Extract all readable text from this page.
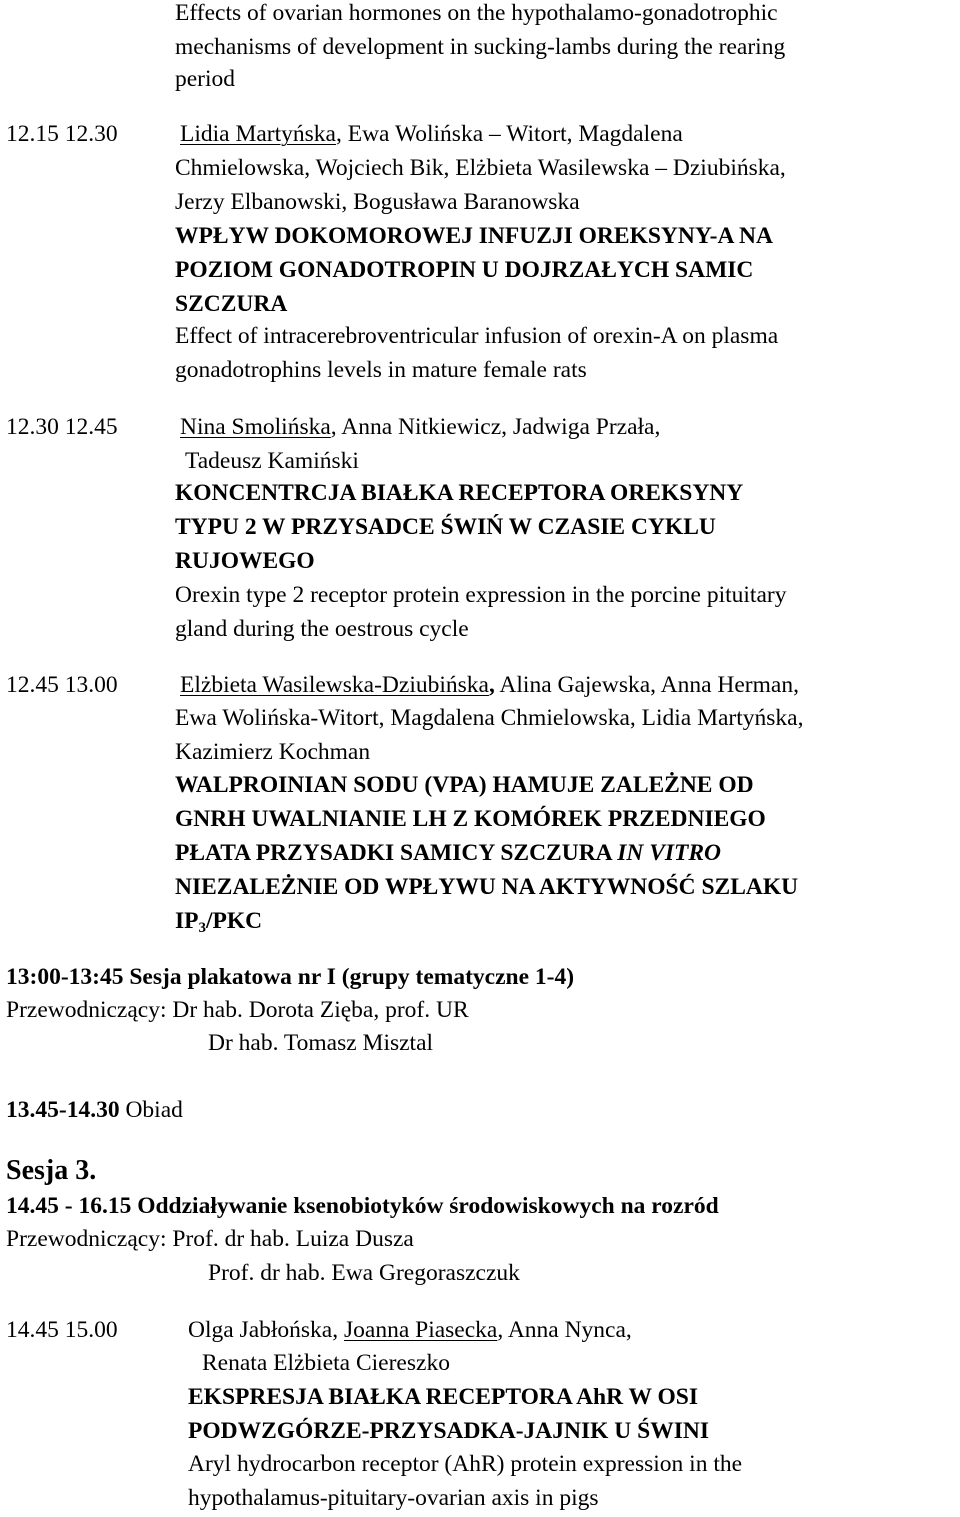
Effects of ovarian hormones on the hypothalamo-gonadotrophic
mechanisms of development in sucking-lambs during the rearing
period
12.15 12.30	Lidia Martyńska, Ewa Wolińska – Witort, Magdalena
Chmielowska, Wojciech Bik, Elżbieta Wasilewska – Dziubińska,
Jerzy Elbanowski, Bogusława Baranowska
WPŁYW DOKOMOROWEJ INFUZJI OREKSYNY-A NA
POZIOM GONADOTROPIN U DOJRZAŁYCH SAMIC
SZCZURA
Effect of intracerebroventricular infusion of orexin-A on plasma
gonadotrophins levels in mature female rats
12.30 12.45	Nina Smolińska, Anna Nitkiewicz, Jadwiga Przała,
Tadeusz Kamiński
KONCENTRCJA BIAŁKA RECEPTORA OREKSYNY
TYPU 2 W PRZYSADCE ŚWIŃ W CZASIE CYKLU
RUJOWEGO
Orexin type 2 receptor protein expression in the porcine pituitary
gland during the oestrous cycle
12.45 13.00	Elżbieta Wasilewska-Dziubińska, Alina Gajewska, Anna Herman,
Ewa Wolińska-Witort, Magdalena Chmielowska, Lidia Martyńska,
Kazimierz Kochman
WALPROINIAN SODU (VPA) HAMUJE ZALEŻNE OD
GNRH UWALNIANIE LH Z KOMÓREK PRZEDNIEGO
PŁATA PRZYSADKI SAMICY SZCZURA IN VITRO
NIEZALEŻNIE OD WPŁYWU NA AKTYWNOŚĆ SZLAKU
$IP_3$/PKC
13:00-13:45 Sesja plakatowa nr I (grupy tematyczne 1-4)
Przewodniczący: Dr hab. Dorota Zięba, prof. UR
Dr hab. Tomasz Misztal
13.45-14.30 Obiad
Sesja 3.
14.45 - 16.15 Oddziaływanie ksenobiotyków środowiskowych na rozród
Przewodniczący: Prof. dr hab. Luiza Dusza
Prof. dr hab. Ewa Gregoraszczuk
14.45 15.00	Olga Jabłońska, Joanna Piasecka, Anna Nynca,
Renata Elżbieta Ciereszko
EKSPRESJA BIAŁKA RECEPTORA AhR W OSI
PODWZGÓRZE-PRZYSADKA-JAJNIK U ŚWINI
Aryl hydrocarbon receptor (AhR) protein expression in the
hypothalamus-pituitary-ovarian axis in pigs
